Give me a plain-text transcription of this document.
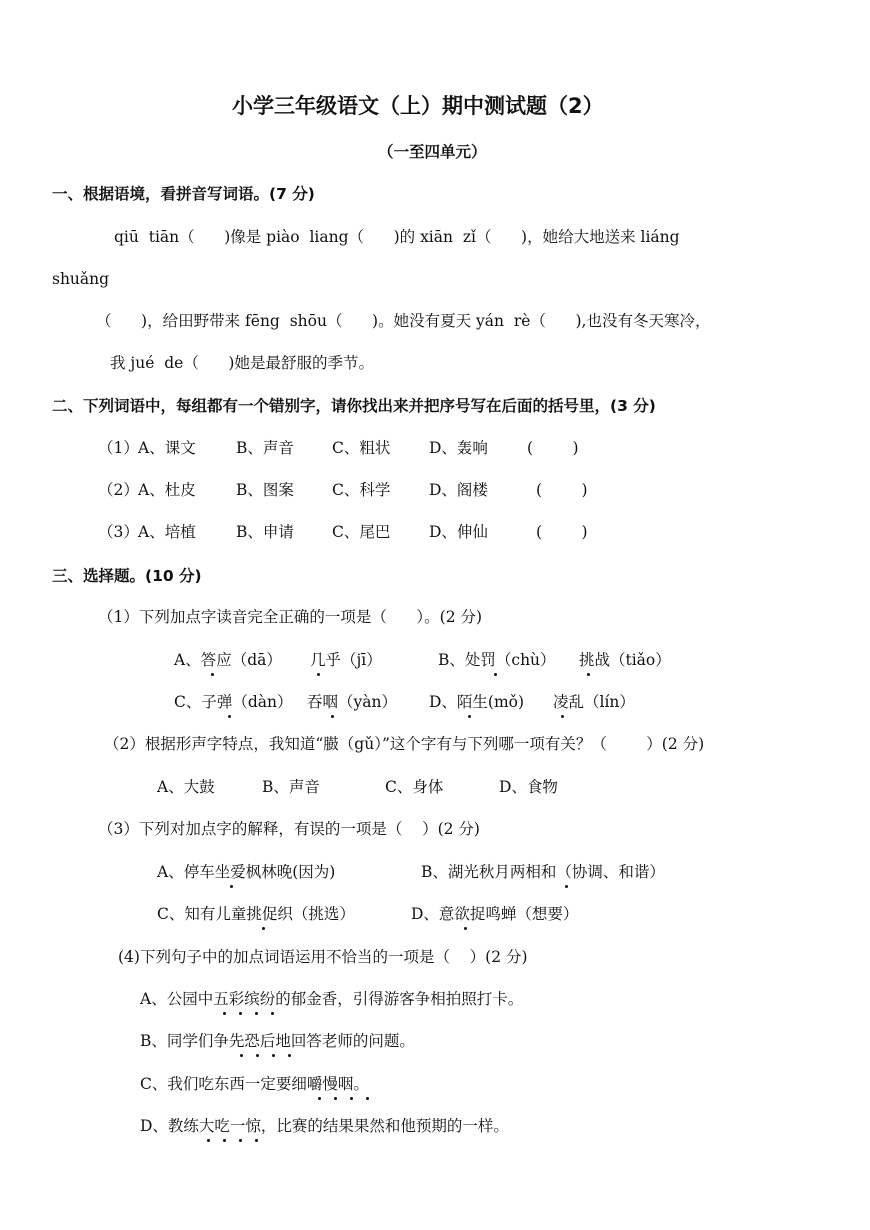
小学三年级语文（上）期中测试题（2）
（一至四单元）
一、根据语境，看拼音写词语。(7 分)
qiū  tiān（      )像是 piào  liang（      )的 xiān  zǐ（      )，她给大地送来 liáng
shuǎng
（      )，给田野带来 fēng  shōu（      )。她没有夏天 yán  rè（      ),也没有冬天寒冷，
我 jué  de（      )她是最舒服的季节。
二、下列词语中，每组都有一个错别字，请你找出来并把序号写在后面的括号里，(3 分)
（1） A、课文	B、声音 C、粗状 D、轰响	(        )
（2） A、杜皮	B、图案 C、科学 D、阁楼	(        )
（3） A、培植	B、申请 C、尾巴 D、伸仙	(        )
三、选择题。(10 分)
（1）下列加点字读音完全正确的一项是（      ）。(2 分)
A、答应（dā） 几乎（jī）	B、处罚（chù） 挑战（tiǎo）
C、子弹（dàn） 吞咽（yàn） D、陌生(mǒ) 凌乱（lín）
（2）根据形声字特点，我知道“臌（gǔ）”这个字有与下列哪一项有关？（        ）(2 分)
A、大鼓	B、声音	C、身体	D、食物
（3）下列对加点字的解释，有误的一项是（    ）(2 分)
A、停车坐爱枫林晚(因为)	B、湖光秋月两相和（协调、和谐）
C、知有儿童挑促织（挑选）	D、意欲捉鸣蝉（想要）
(4)下列句子中的加点词语运用不恰当的一项是（    ）(2 分)
A、公园中五彩缤纷的郁金香，引得游客争相拍照打卡。
B、同学们争先恐后地回答老师的问题。
C、我们吃东西一定要细嚼慢咽。
D、教练大吃一惊，比赛的结果果然和他预期的一样。
